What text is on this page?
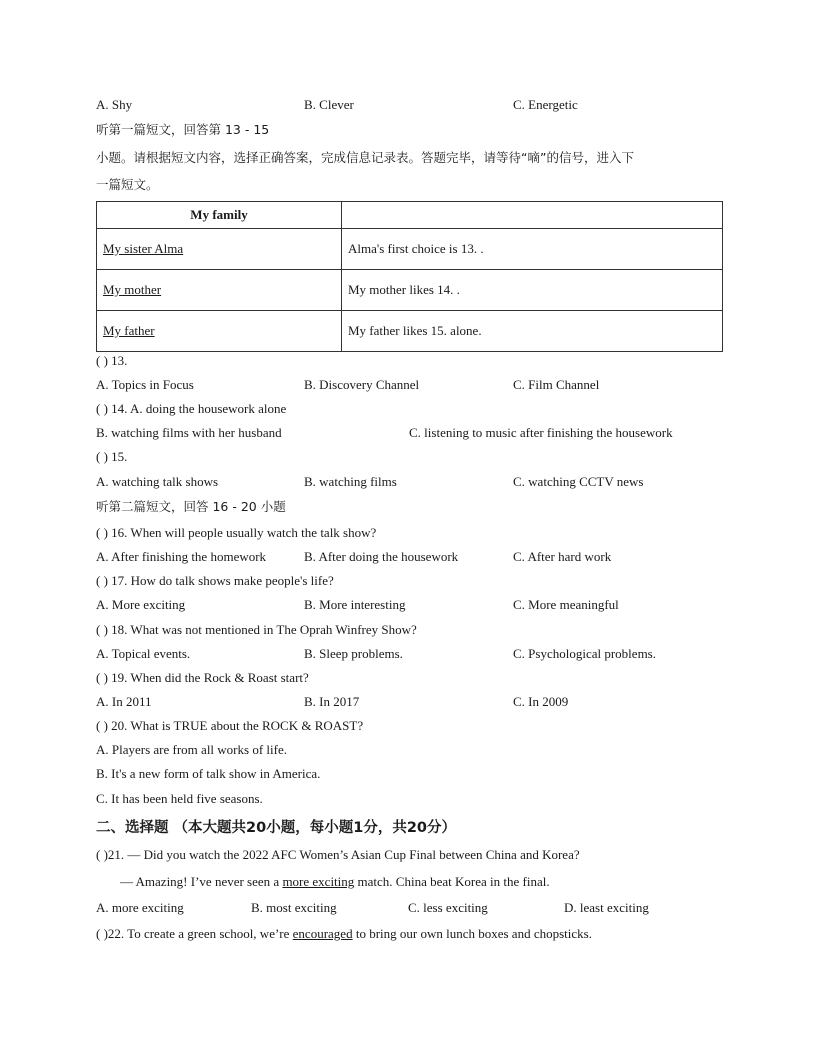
A. Shy	B. Clever	C. Energetic
听第一篇短文，回答第 13 - 15
小题。请根据短文内容，选择正确答案，完成信息记录表。答题完毕，请等待“嘀”的信号，进入下
一篇短文。
My family	
My sister Alma	Alma's first choice is 13. .
My mother	My mother likes 14. .
My father	My father likes 15. alone.
( ) 13.
A. Topics in Focus	B. Discovery Channel	C. Film Channel
( ) 14. A. doing the housework alone
B. watching films with her husband	C. listening to music after finishing the housework
( ) 15.
A. watching talk shows	B. watching films	C. watching CCTV news
听第二篇短文，回答 16 - 20 小题
( ) 16. When will people usually watch the talk show?
A. After finishing the homework	B. After doing the housework	C. After hard work
( ) 17. How do talk shows make people's life?
A. More exciting	B. More interesting	C. More meaningful
( ) 18. What was not mentioned in The Oprah Winfrey Show?
A. Topical events.	B. Sleep problems.	C. Psychological problems.
( ) 19. When did the Rock & Roast start?
A. In 2011	B. In 2017	C. In 2009
( ) 20. What is TRUE about the ROCK & ROAST?
A. Players are from all works of life.
B. It's a new form of talk show in America.
C. It has been held five seasons.
二、选择题 （本大题共20小题，每小题1分，共20分）
( )21. — Did you watch the 2022 AFC Women’s Asian Cup Final between China and Korea?
— Amazing! I’ve never seen a more exciting match. China beat Korea in the final.
A. more exciting	B. most exciting	C. less exciting	D. least exciting
( )22. To create a green school, we’re encouraged to bring our own lunch boxes and chopsticks.
